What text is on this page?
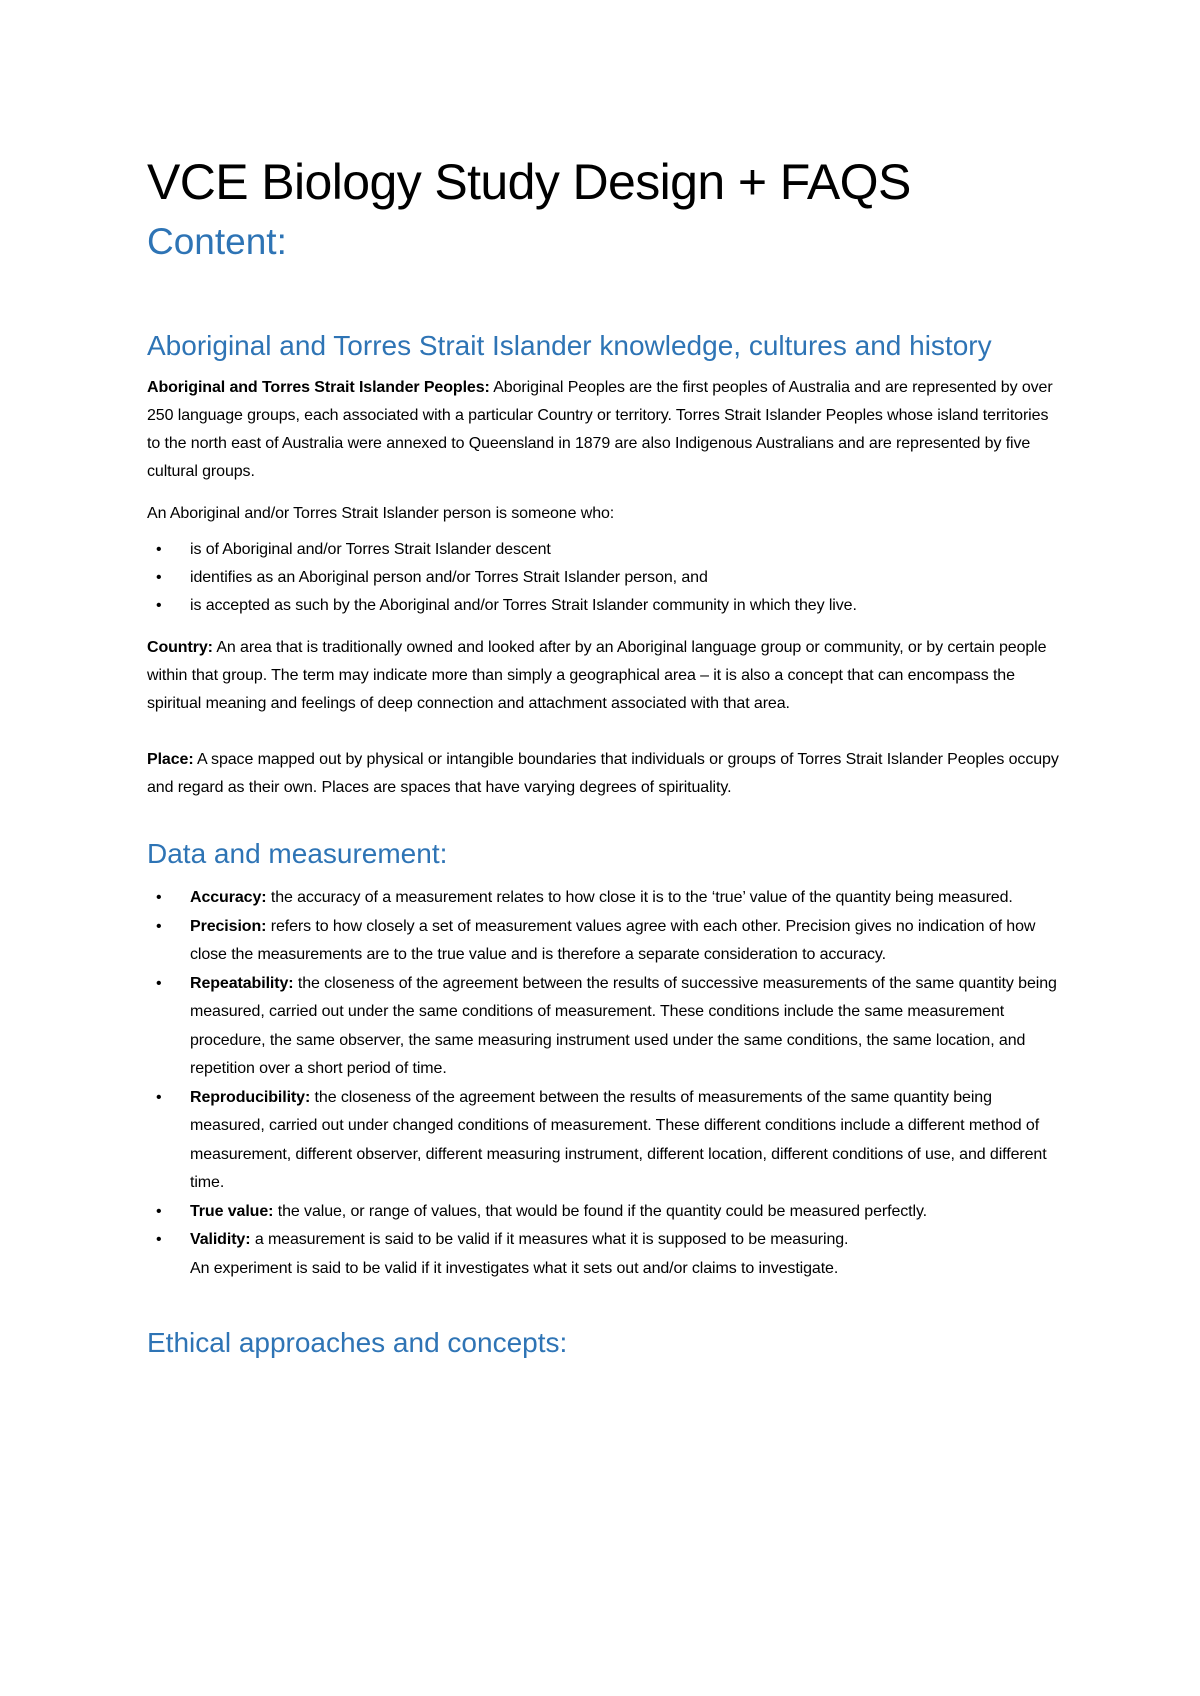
VCE Biology Study Design + FAQS
Content:
Aboriginal and Torres Strait Islander knowledge, cultures and history

Aboriginal and Torres Strait Islander Peoples: Aboriginal Peoples are the first peoples of Australia and are represented by over 250 language groups, each associated with a particular Country or territory. Torres Strait Islander Peoples whose island territories to the north east of Australia were annexed to Queensland in 1879 are also Indigenous Australians and are represented by five cultural groups.

An Aboriginal and/or Torres Strait Islander person is someone who:

• is of Aboriginal and/or Torres Strait Islander descent
• identifies as an Aboriginal person and/or Torres Strait Islander person, and
• is accepted as such by the Aboriginal and/or Torres Strait Islander community in which they live.

Country: An area that is traditionally owned and looked after by an Aboriginal language group or community, or by certain people within that group. The term may indicate more than simply a geographical area – it is also a concept that can encompass the spiritual meaning and feelings of deep connection and attachment associated with that area.

Place: A space mapped out by physical or intangible boundaries that individuals or groups of Torres Strait Islander Peoples occupy and regard as their own. Places are spaces that have varying degrees of spirituality.

Data and measurement:
• Accuracy: the accuracy of a measurement relates to how close it is to the ‘true’ value of the quantity being measured.
• Precision: refers to how closely a set of measurement values agree with each other. Precision gives no indication of how close the measurements are to the true value and is therefore a separate consideration to accuracy.
• Repeatability: the closeness of the agreement between the results of successive measurements of the same quantity being measured, carried out under the same conditions of measurement. These conditions include the same measurement procedure, the same observer, the same measuring instrument used under the same conditions, the same location, and repetition over a short period of time.
• Reproducibility: the closeness of the agreement between the results of measurements of the same quantity being measured, carried out under changed conditions of measurement. These different conditions include a different method of measurement, different observer, different measuring instrument, different location, different conditions of use, and different time.
• True value: the value, or range of values, that would be found if the quantity could be measured perfectly.
• Validity: a measurement is said to be valid if it measures what it is supposed to be measuring.
An experiment is said to be valid if it investigates what it sets out and/or claims to investigate.
Ethical approaches and concepts:
